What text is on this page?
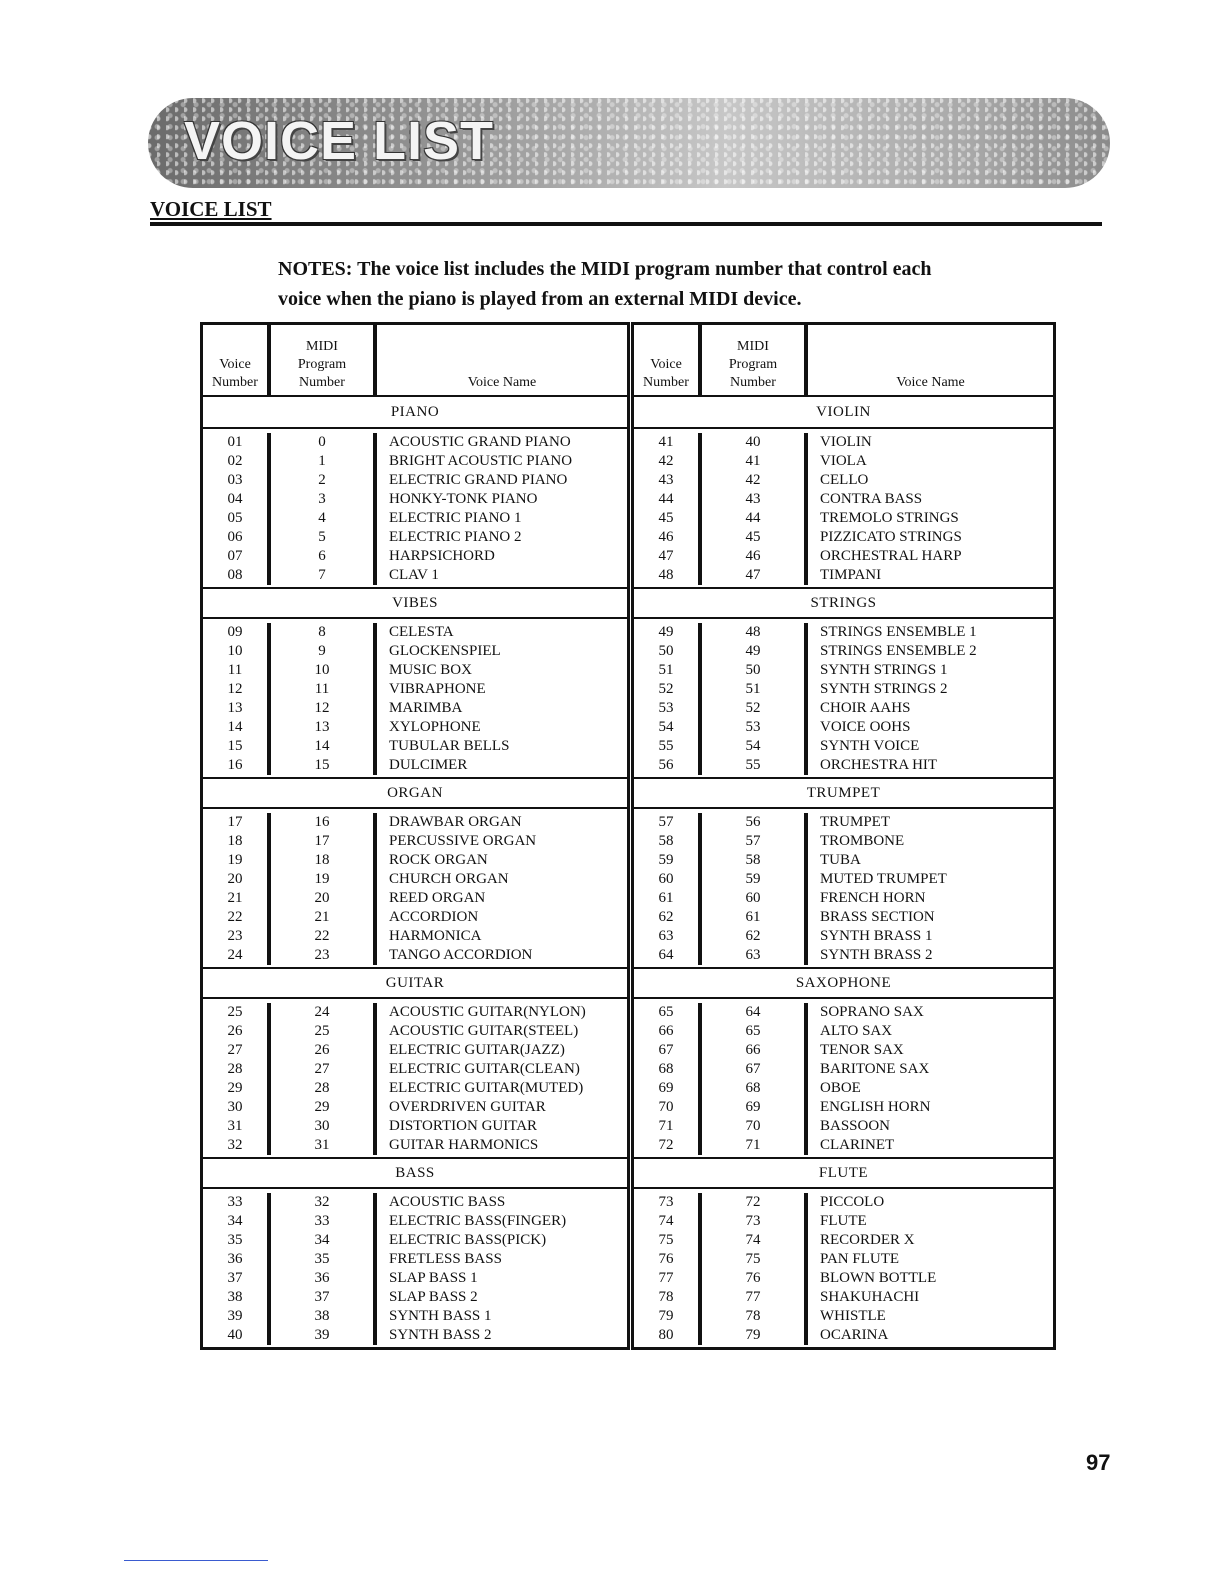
VOICE LIST
VOICE LIST
NOTES: The voice list includes the MIDI program number that control each
voice when the piano is played from an external MIDI device.
Voice
Number
MIDI
Program
Number	Voice Name
PIANO
01
02
03
04
05
06
07
08
0
1
2
3
4
5
6
7
ACOUSTIC GRAND PIANO
BRIGHT ACOUSTIC PIANO
ELECTRIC GRAND PIANO
HONKY-TONK PIANO
ELECTRIC PIANO 1
ELECTRIC PIANO 2
HARPSICHORD
CLAV 1
VIBES
09
10
11
12
13
14
15
16
8
9
10
11
12
13
14
15
CELESTA
GLOCKENSPIEL
MUSIC BOX
VIBRAPHONE
MARIMBA
XYLOPHONE
TUBULAR BELLS
DULCIMER
ORGAN
17
18
19
20
21
22
23
24
16
17
18
19
20
21
22
23
DRAWBAR ORGAN
PERCUSSIVE ORGAN
ROCK ORGAN
CHURCH ORGAN
REED ORGAN
ACCORDION
HARMONICA
TANGO ACCORDION
GUITAR
25
26
27
28
29
30
31
32
24
25
26
27
28
29
30
31
ACOUSTIC GUITAR(NYLON)
ACOUSTIC GUITAR(STEEL)
ELECTRIC GUITAR(JAZZ)
ELECTRIC GUITAR(CLEAN)
ELECTRIC GUITAR(MUTED)
OVERDRIVEN GUITAR
DISTORTION GUITAR
GUITAR HARMONICS
BASS
33
34
35
36
37
38
39
40
32
33
34
35
36
37
38
39
ACOUSTIC BASS
ELECTRIC BASS(FINGER)
ELECTRIC BASS(PICK)
FRETLESS BASS
SLAP BASS 1
SLAP BASS 2
SYNTH BASS 1
SYNTH BASS 2
Voice
Number
MIDI
Program
Number	Voice Name
VIOLIN
41
42
43
44
45
46
47
48
40
41
42
43
44
45
46
47
VIOLIN
VIOLA
CELLO
CONTRA BASS
TREMOLO STRINGS
PIZZICATO STRINGS
ORCHESTRAL HARP
TIMPANI
STRINGS
49
50
51
52
53
54
55
56
48
49
50
51
52
53
54
55
STRINGS ENSEMBLE 1
STRINGS ENSEMBLE 2
SYNTH STRINGS 1
SYNTH STRINGS 2
CHOIR AAHS
VOICE OOHS
SYNTH VOICE
ORCHESTRA HIT
TRUMPET
57
58
59
60
61
62
63
64
56
57
58
59
60
61
62
63
TRUMPET
TROMBONE
TUBA
MUTED TRUMPET
FRENCH HORN
BRASS SECTION
SYNTH BRASS 1
SYNTH BRASS 2
SAXOPHONE
65
66
67
68
69
70
71
72
64
65
66
67
68
69
70
71
SOPRANO SAX
ALTO SAX
TENOR SAX
BARITONE SAX
OBOE
ENGLISH HORN
BASSOON
CLARINET
FLUTE
73
74
75
76
77
78
79
80
72
73
74
75
76
77
78
79
PICCOLO
FLUTE
RECORDER X
PAN FLUTE
BLOWN BOTTLE
SHAKUHACHI
WHISTLE
OCARINA
97
